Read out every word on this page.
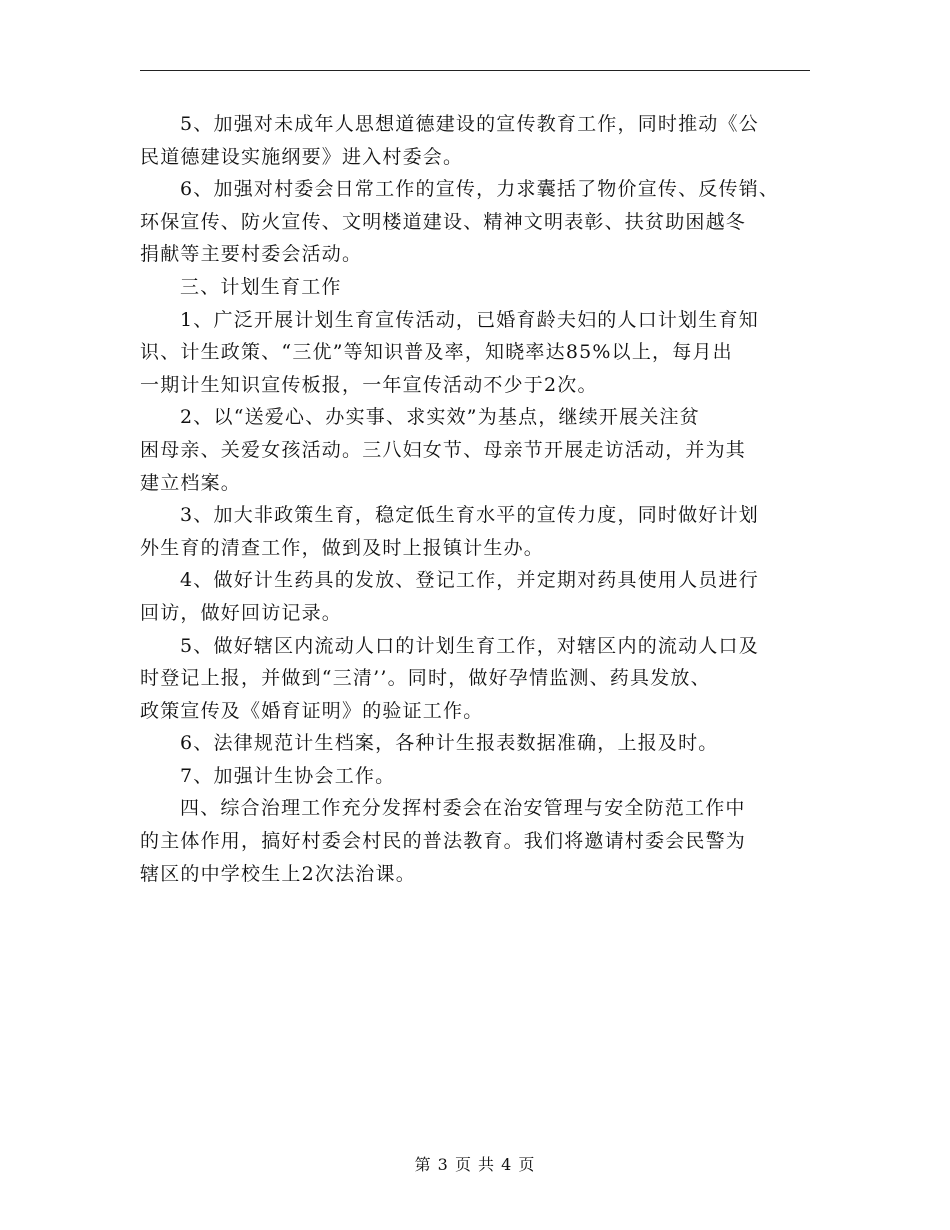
5、加强对未成年人思想道德建设的宣传教育工作，同时推动《公
民道德建设实施纲要》进入村委会。

6、加强对村委会日常工作的宣传，力求囊括了物价宣传、反传销、
环保宣传、防火宣传、文明楼道建设、精神文明表彰、扶贫助困越冬
捐献等主要村委会活动。

三、计划生育工作

1、广泛开展计划生育宣传活动，已婚育龄夫妇的人口计划生育知
识、计生政策、“三优”等知识普及率，知晓率达85%以上，每月出
一期计生知识宣传板报，一年宣传活动不少于2次。

2、以“送爱心、办实事、求实效”为基点，继续开展关注贫
困母亲、关爱女孩活动。三八妇女节、母亲节开展走访活动，并为其
建立档案。

3、加大非政策生育，稳定低生育水平的宣传力度，同时做好计划
外生育的清查工作，做到及时上报镇计生办。

4、做好计生药具的发放、登记工作，并定期对药具使用人员进行
回访，做好回访记录。

5、做好辖区内流动人口的计划生育工作，对辖区内的流动人口及
时登记上报，并做到“三清’’。同时，做好孕情监测、药具发放、
政策宣传及《婚育证明》的验证工作。

6、法律规范计生档案，各种计生报表数据准确，上报及时。

7、加强计生协会工作。

四、综合治理工作充分发挥村委会在治安管理与安全防范工作中
的主体作用，搞好村委会村民的普法教育。我们将邀请村委会民警为
辖区的中学校生上2次法治课。

第 3 页 共 4 页
